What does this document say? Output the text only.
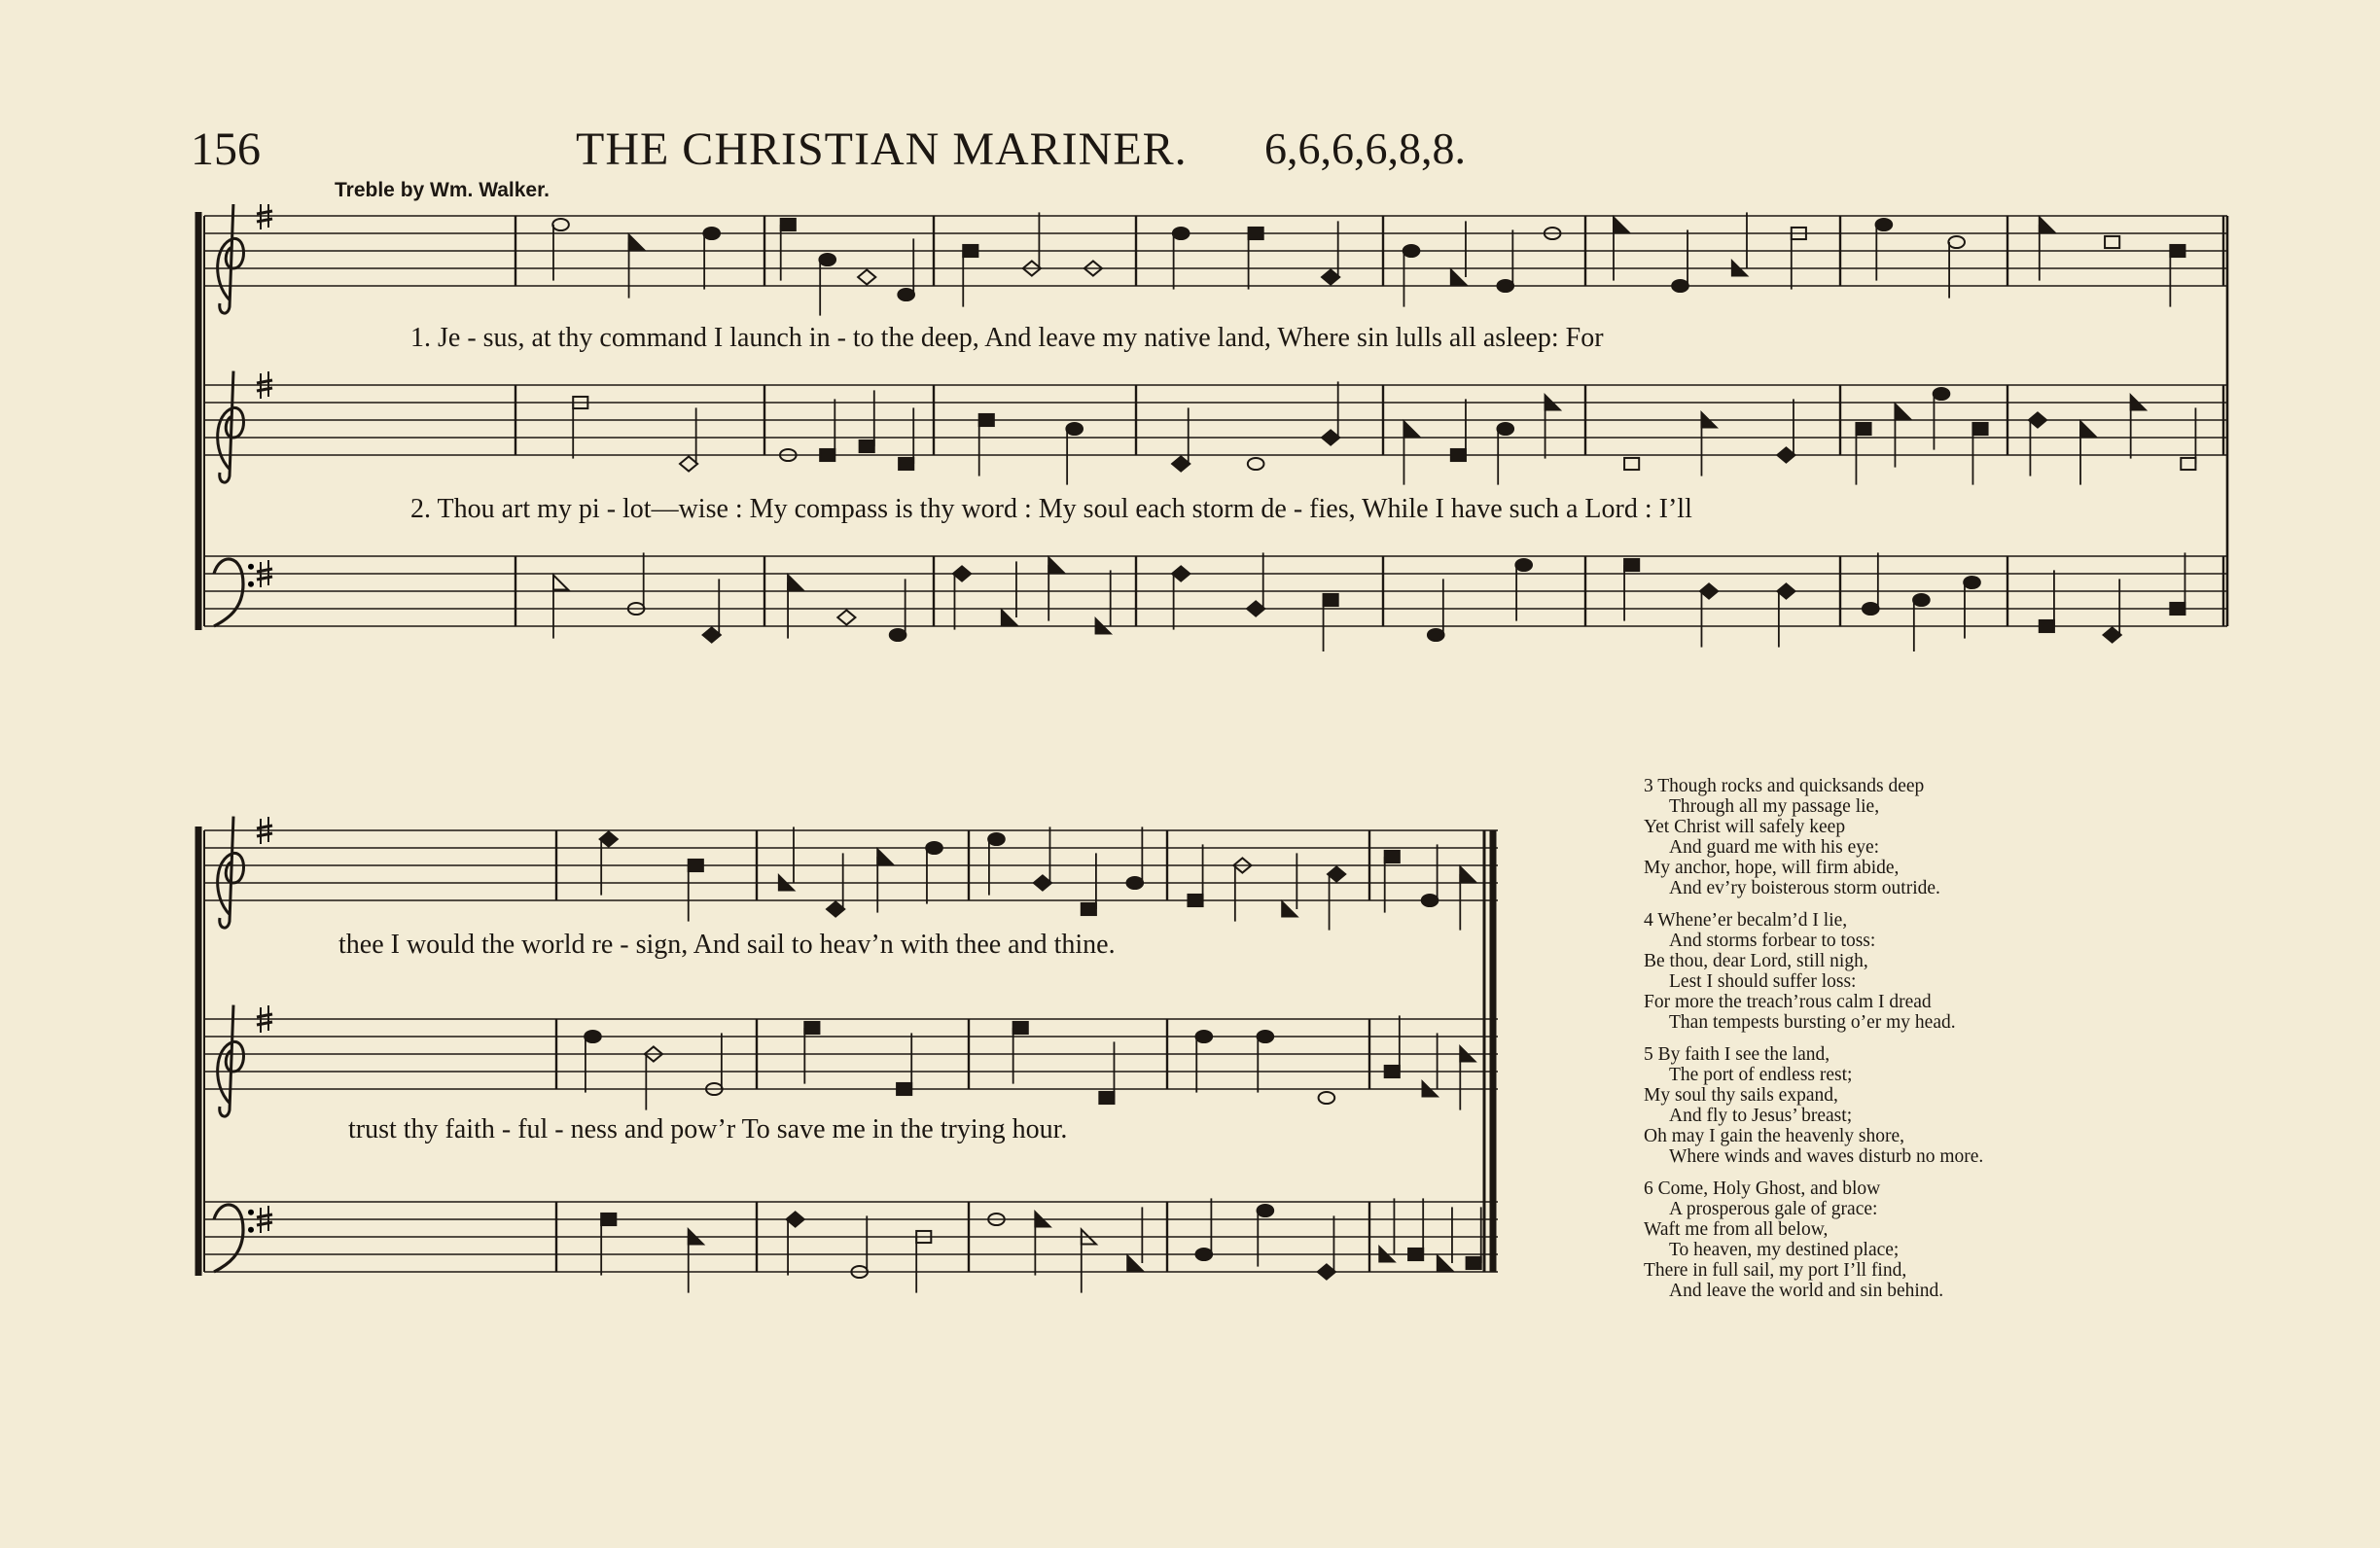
156	THE CHRISTIAN MARINER. 6,6,6,6,8,8.
Treble by Wm. Walker.
1. Je - sus, at thy command I launch in - to the deep, And leave my native land, Where sin lulls all asleep: For
2. Thou art my pi - lot—wise : My compass is thy word : My soul each storm de - fies, While I have such a Lord : I’ll
thee I would the world re - sign, And sail to heav’n with thee and thine.
trust thy faith - ful - ness and pow’r To save me in the trying hour.
3 Though rocks and quicksands deep
Through all my passage lie,
Yet Christ will safely keep
And guard me with his eye:
My anchor, hope, will firm abide,
And ev’ry boisterous storm outride.
4 Whene’er becalm’d I lie,
And storms forbear to toss:
Be thou, dear Lord, still nigh,
Lest I should suffer loss:
For more the treach’rous calm I dread
Than tempests bursting o’er my head.
5 By faith I see the land,
The port of endless rest;
My soul thy sails expand,
And fly to Jesus’ breast;
Oh may I gain the heavenly shore,
Where winds and waves disturb no more.
6 Come, Holy Ghost, and blow
A prosperous gale of grace:
Waft me from all below,
To heaven, my destined place;
There in full sail, my port I’ll find,
And leave the world and sin behind.
